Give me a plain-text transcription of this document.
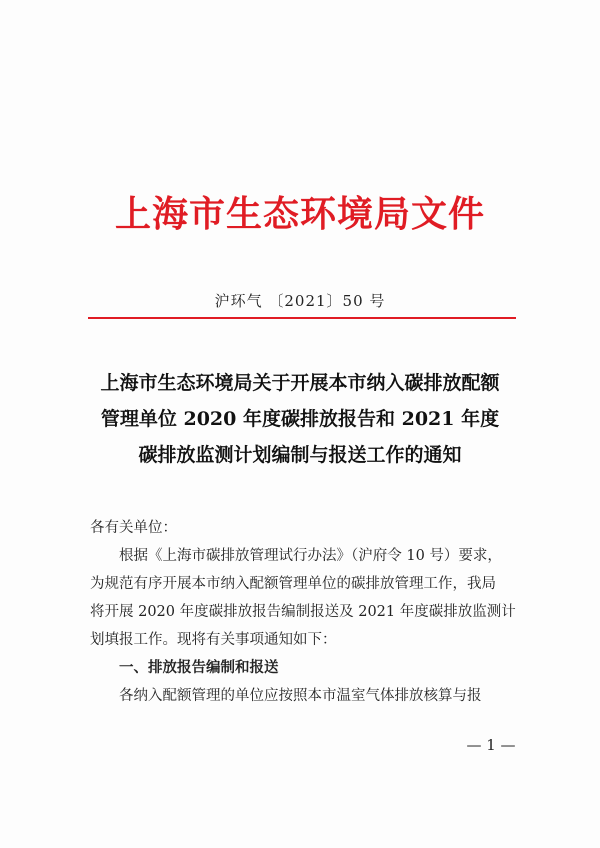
上海市生态环境局文件
沪环气 〔2021〕50 号
上海市生态环境局关于开展本市纳入碳排放配额
管理单位 2020 年度碳排放报告和 2021 年度
碳排放监测计划编制与报送工作的通知
各有关单位：
根据《上海市碳排放管理试行办法》（沪府令 10 号）要求，
为规范有序开展本市纳入配额管理单位的碳排放管理工作，我局
将开展 2020 年度碳排放报告编制报送及 2021 年度碳排放监测计
划填报工作。现将有关事项通知如下：
一、排放报告编制和报送
各纳入配额管理的单位应按照本市温室气体排放核算与报
— 1 —
